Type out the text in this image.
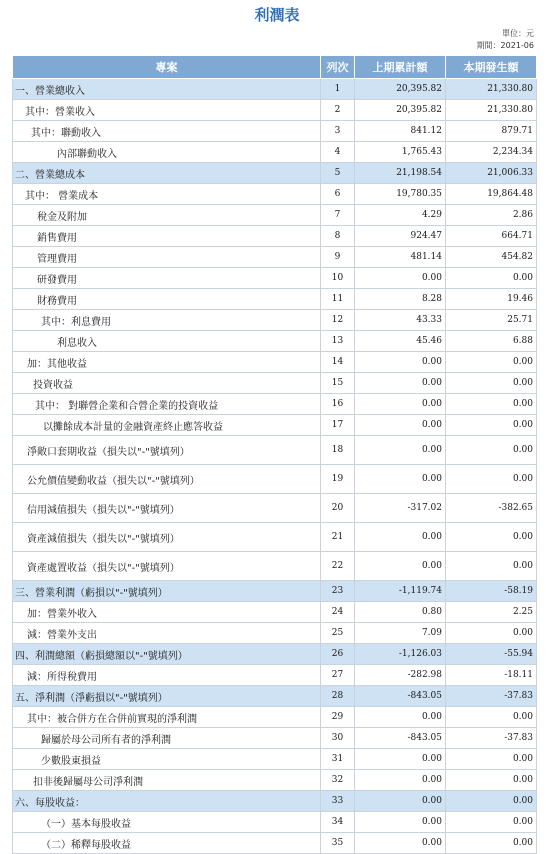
利潤表
單位：元
期間：2021-06
專案	列次	上期累計額	本期發生額
一、營業總收入	1	20,395.82	21,330.80
其中：營業收入	2	20,395.82	21,330.80
其中：聯動收入	3	841.12	879.71
內部聯動收入	4	1,765.43	2,234.34
二、營業總成本	5	21,198.54	21,006.33
其中： 營業成本	6	19,780.35	19,864.48
稅金及附加	7	4.29	2.86
銷售費用	8	924.47	664.71
管理費用	9	481.14	454.82
研發費用	10	0.00	0.00
財務費用	11	8.28	19.46
其中：利息費用	12	43.33	25.71
利息收入	13	45.46	6.88
加：其他收益	14	0.00	0.00
投資收益	15	0.00	0.00
其中： 對聯營企業和合營企業的投資收益	16	0.00	0.00
以攤餘成本計量的金融資產終止應答收益	17	0.00	0.00
淨敞口套期收益（損失以"-"號填列）	18	0.00	0.00
公允價值變動收益（損失以"-"號填列）	19	0.00	0.00
信用減值損失（損失以"-"號填列）	20	-317.02	-382.65
資產減值損失（損失以"-"號填列）	21	0.00	0.00
資產處置收益（損失以"-"號填列）	22	0.00	0.00
三、營業利潤（虧損以"-"號填列）	23	-1,119.74	-58.19
加：營業外收入	24	0.80	2.25
減：營業外支出	25	7.09	0.00
四、利潤總額（虧損總額以"-"號填列）	26	-1,126.03	-55.94
減：所得稅費用	27	-282.98	-18.11
五、淨利潤（淨虧損以"-"號填列）	28	-843.05	-37.83
其中：被合併方在合併前實現的淨利潤	29	0.00	0.00
歸屬於母公司所有者的淨利潤	30	-843.05	-37.83
少數股東損益	31	0.00	0.00
扣非後歸屬母公司淨利潤	32	0.00	0.00
六、每股收益：	33	0.00	0.00
（一）基本每股收益	34	0.00	0.00
（二）稀釋每股收益	35	0.00	0.00
